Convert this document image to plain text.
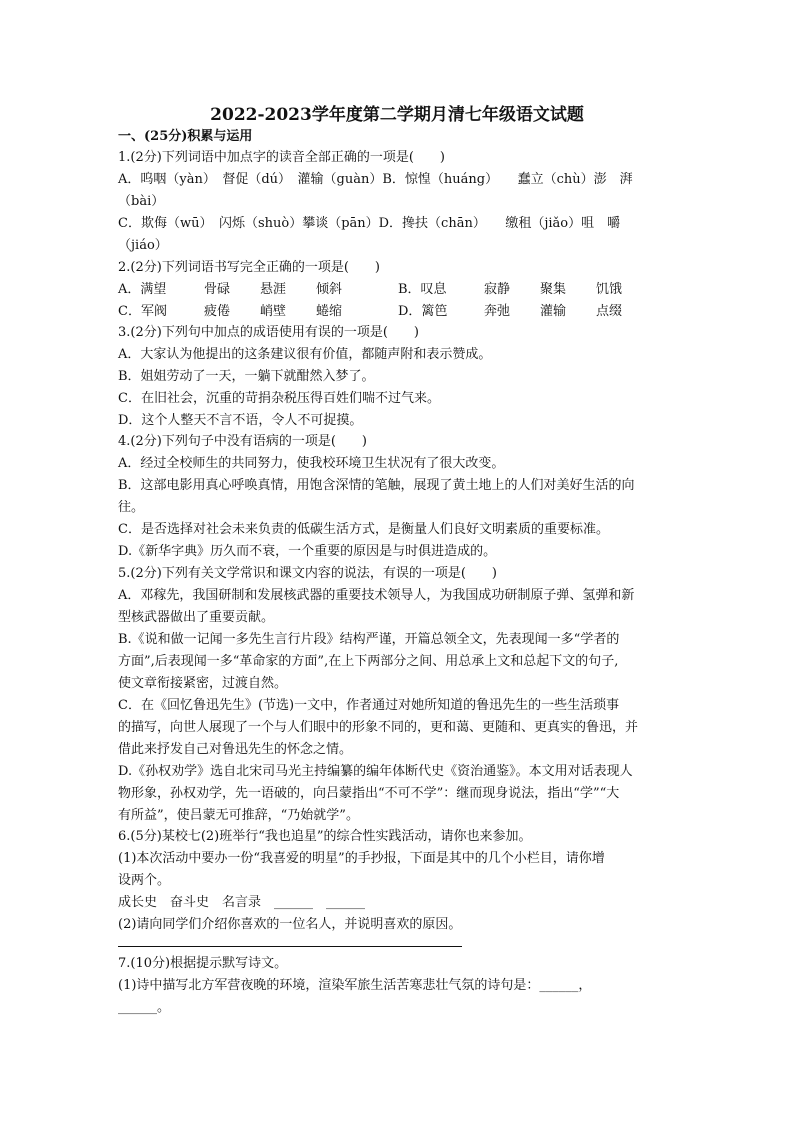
2022-2023学年度第二学期月清七年级语文试题
一、(25分)积累与运用
1.(2分)下列词语中加点字的读音全部正确的一项是(　　)
A．呜咽（yàn）　督促（dú）　灌输（guàn）B．惊惶（huáng）　　蠢立（chù）澎　湃
（bài）
C．欺侮（wū）　闪烁（shuò）攀谈（pān）D．搀扶（chān）　　缴租（jiǎo）咀　嚼
（jiáo）
2.(2分)下列词语书写完全正确的一项是(　　)
A．满望	骨碌 悬涯 倾斜	B．叹息	寂静 聚集 饥饿
C．军阀	疲倦 峭壁 蜷缩	D．篱笆	奔弛 灌输 点缀
3.(2分)下列句中加点的成语使用有误的一项是(　　)
A．大家认为他提出的这条建议很有价值，都随声附和表示赞成。
B．姐姐劳动了一天，一躺下就酣然入梦了。
C．在旧社会，沉重的苛捐杂税压得百姓们喘不过气来。
D．这个人整天不言不语，令人不可捉摸。
4.(2分)下列句子中没有语病的一项是(　　)
A．经过全校师生的共同努力，使我校环境卫生状况有了很大改变。
B．这部电影用真心呼唤真情，用饱含深情的笔触，展现了黄土地上的人们对美好生活的向
往。
C．是否选择对社会未来负责的低碳生活方式，是衡量人们良好文明素质的重要标准。
D.《新华字典》历久而不衰，一个重要的原因是与时俱进造成的。
5.(2分)下列有关文学常识和课文内容的说法，有误的一项是(　　)
A．邓稼先，我国研制和发展核武器的重要技术领导人，为我国成功研制原子弹、氢弹和新
型核武器做出了重要贡献。
B.《说和做一记闻一多先生言行片段》结构严谨，开篇总领全文，先表现闻一多“学者的
方面”,后表现闻一多“革命家的方面”,在上下两部分之间、用总承上文和总起下文的句子,
使文章衔接紧密，过渡自然。
C．在《回忆鲁迅先生》(节选)一文中，作者通过对她所知道的鲁迅先生的一些生活琐事
的描写，向世人展现了一个与人们眼中的形象不同的，更和蔼、更随和、更真实的鲁迅，并
借此来抒发自己对鲁迅先生的怀念之情。
D.《孙权劝学》选自北宋司马光主持编纂的编年体断代史《资治通鉴》。本文用对话表现人
物形象，孙权劝学，先一语破的，向吕蒙指出“不可不学”：继而现身说法，指出“学”“大
有所益”，使吕蒙无可推辞，“乃始就学”。
6.(5分)某校七(2)班举行“我也追星”的综合性实践活动，请你也来参加。
(1)本次活动中要办一份“我喜爱的明星”的手抄报，下面是其中的几个小栏目，请你增
设两个。
成长史　奋斗史　名言录　______　______
(2)请向同学们介绍你喜欢的一位名人，并说明喜欢的原因。
7.(10分)根据提示默写诗文。
(1)诗中描写北方军营夜晚的环境，渲染军旅生活苦寒悲壮气氛的诗句是：______，
______。
